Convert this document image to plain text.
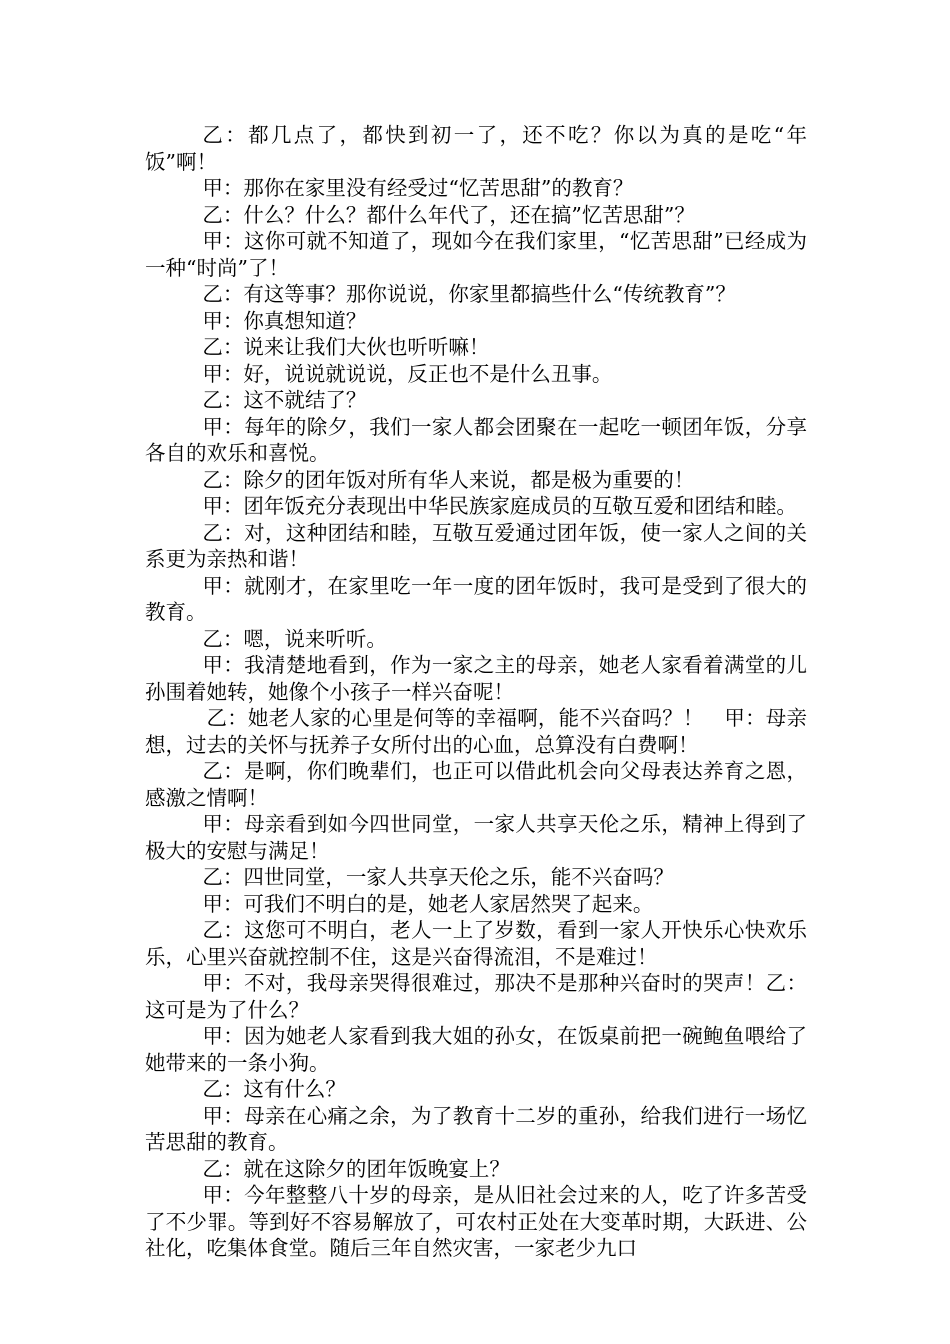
乙：都几点了，都快到初一了，还不吃？你以为真的是吃“年饭”啊！

甲：那你在家里没有经受过“忆苦思甜”的教育？

乙：什么？什么？都什么年代了，还在搞”忆苦思甜”？

甲：这你可就不知道了，现如今在我们家里，“忆苦思甜”已经成为一种“时尚”了！

乙：有这等事？那你说说，你家里都搞些什么“传统教育”？

甲：你真想知道？

乙：说来让我们大伙也听听嘛！

甲：好，说说就说说，反正也不是什么丑事。

乙：这不就结了？

甲：每年的除夕，我们一家人都会团聚在一起吃一顿团年饭，分享各自的欢乐和喜悦。

乙：除夕的团年饭对所有华人来说，都是极为重要的！

甲：团年饭充分表现出中华民族家庭成员的互敬互爱和团结和睦。

乙：对，这种团结和睦，互敬互爱通过团年饭，使一家人之间的关系更为亲热和谐！

甲：就刚才，在家里吃一年一度的团年饭时，我可是受到了很大的教育。

乙：嗯，说来听听。

甲：我清楚地看到，作为一家之主的母亲，她老人家看着满堂的儿孙围着她转，她像个小孩子一样兴奋呢！

乙：她老人家的心里是何等的幸福啊，能不兴奋吗？！　甲：母亲想，过去的关怀与抚养子女所付出的心血，总算没有白费啊！

乙：是啊，你们晚辈们，也正可以借此机会向父母表达养育之恩，感激之情啊！

甲：母亲看到如今四世同堂，一家人共享天伦之乐，精神上得到了极大的安慰与满足！

乙：四世同堂，一家人共享天伦之乐，能不兴奋吗？

甲：可我们不明白的是，她老人家居然哭了起来。

乙：这您可不明白，老人一上了岁数，看到一家人开快乐心快欢乐乐，心里兴奋就控制不住，这是兴奋得流泪，不是难过！

甲：不对，我母亲哭得很难过，那决不是那种兴奋时的哭声！乙：这可是为了什么？

甲：因为她老人家看到我大姐的孙女，在饭桌前把一碗鲍鱼喂给了她带来的一条小狗。

乙：这有什么？

甲：母亲在心痛之余，为了教育十二岁的重孙，给我们进行一场忆苦思甜的教育。

乙：就在这除夕的团年饭晚宴上？

甲：今年整整八十岁的母亲，是从旧社会过来的人，吃了许多苦受了不少罪。等到好不容易解放了，可农村正处在大变革时期，大跃进、公社化，吃集体食堂。随后三年自然灾害，一家老少九口
